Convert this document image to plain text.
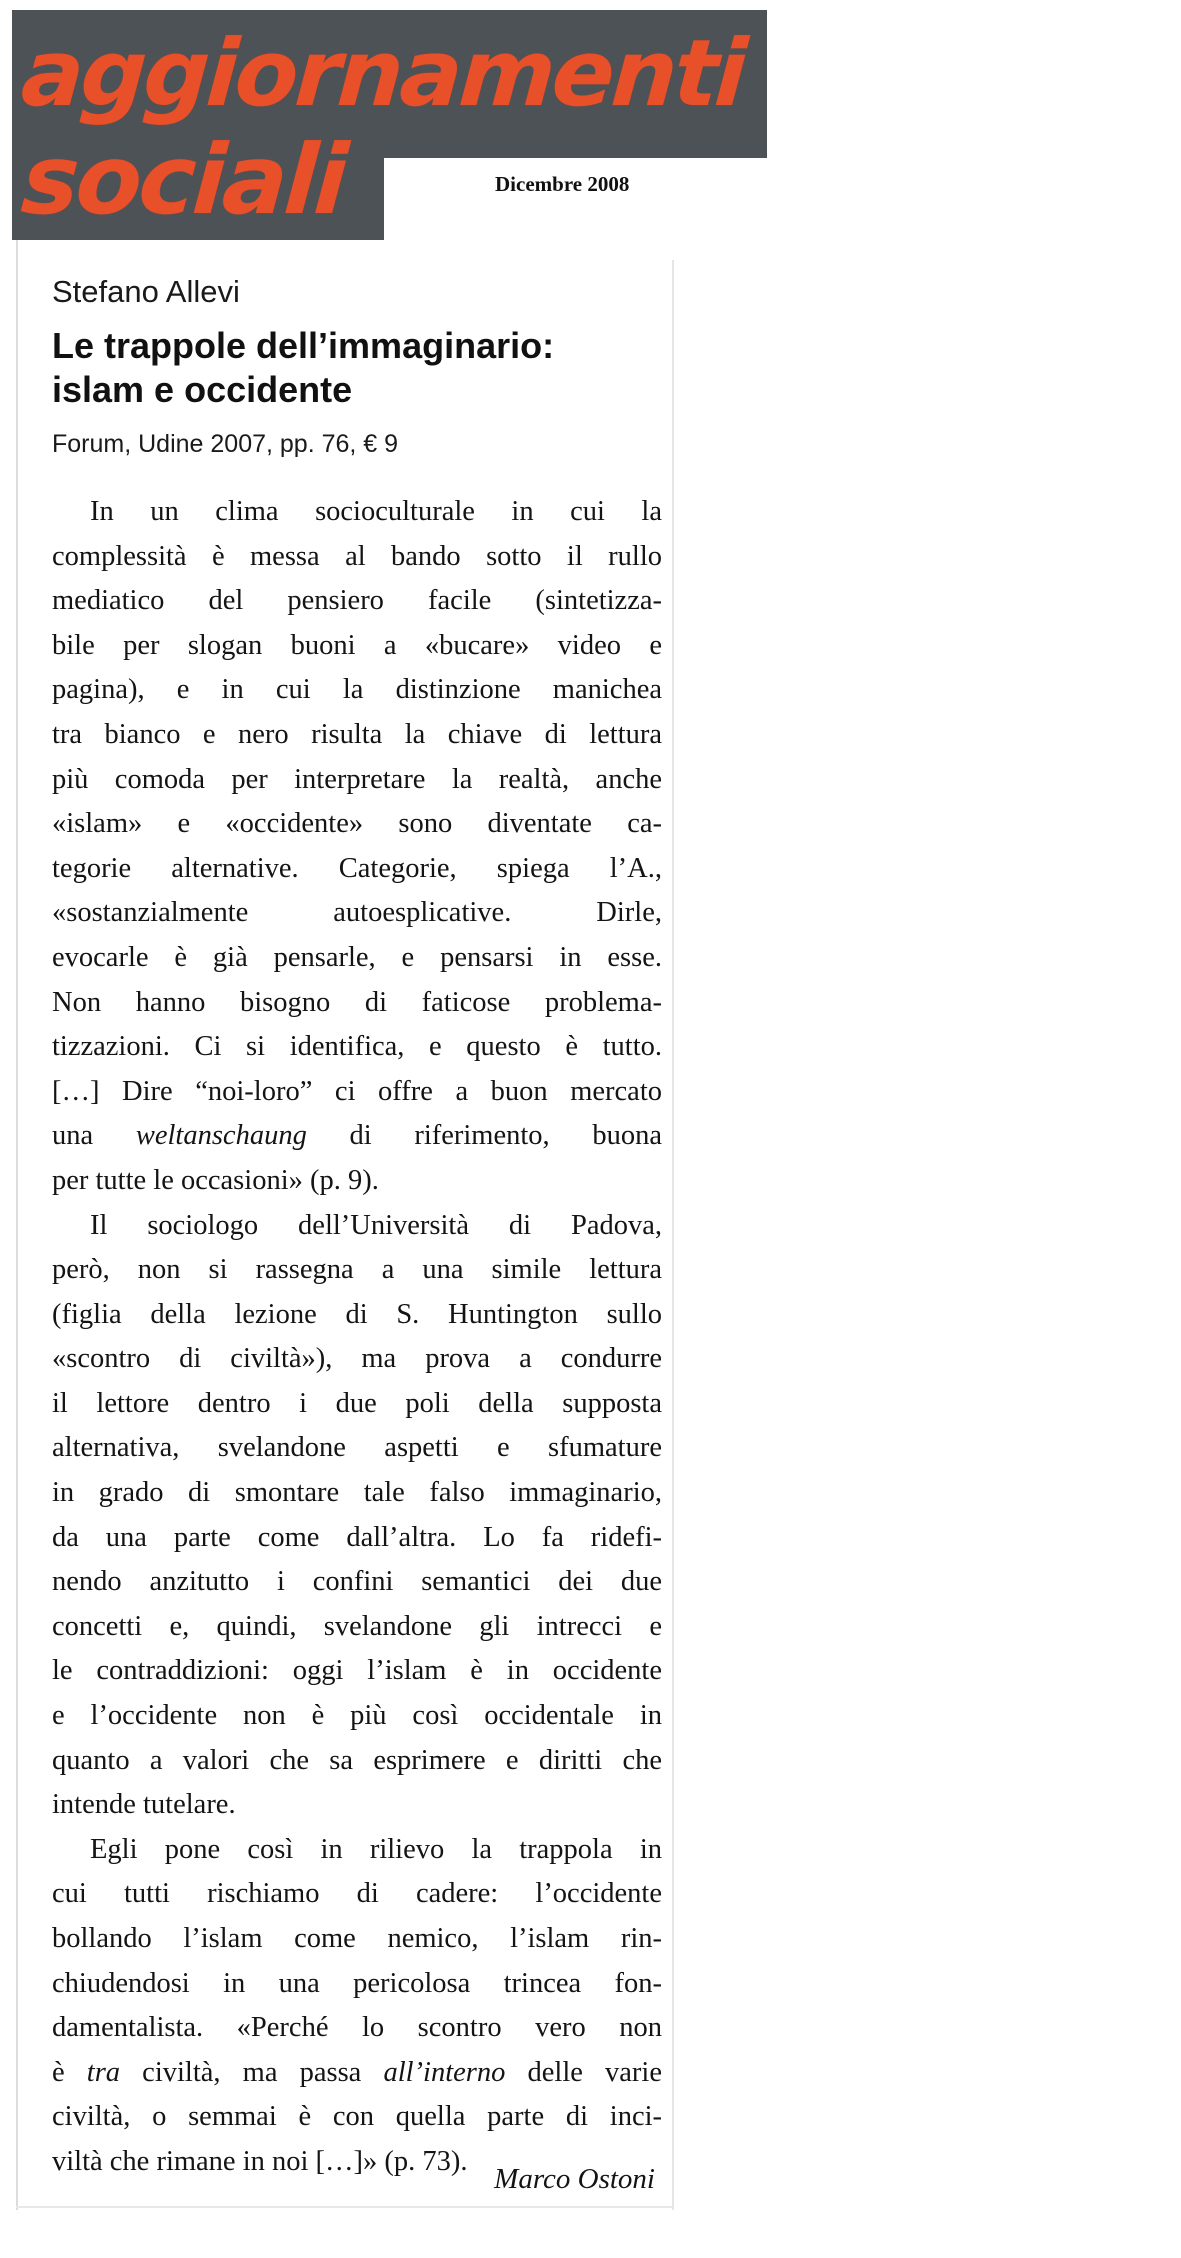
aggiornamenti
sociali	Dicembre 2008
Stefano Allevi
Le trappole dell’immaginario:
islam e occidente
Forum, Udine 2007, pp. 76, € 9
In un clima socioculturale in cui la
complessità è messa al bando sotto il rullo
mediatico del pensiero facile (sintetizza-
bile per slogan buoni a «bucare» video e
pagina), e in cui la distinzione manichea
tra bianco e nero risulta la chiave di lettura
più comoda per interpretare la realtà, anche
«islam» e «occidente» sono diventate ca-
tegorie alternative. Categorie, spiega l’A.,
«sostanzialmente autoesplicative. Dirle,
evocarle è già pensarle, e pensarsi in esse.
Non hanno bisogno di faticose problema-
tizzazioni. Ci si identifica, e questo è tutto.
[…] Dire “noi-loro” ci offre a buon mercato
una weltanschaung di riferimento, buona
per tutte le occasioni» (p. 9).
Il sociologo dell’Università di Padova,
però, non si rassegna a una simile lettura
(figlia della lezione di S. Huntington sullo
«scontro di civiltà»), ma prova a condurre
il lettore dentro i due poli della supposta
alternativa, svelandone aspetti e sfumature
in grado di smontare tale falso immaginario,
da una parte come dall’altra. Lo fa ridefi-
nendo anzitutto i confini semantici dei due
concetti e, quindi, svelandone gli intrecci e
le contraddizioni: oggi l’islam è in occidente
e l’occidente non è più così occidentale in
quanto a valori che sa esprimere e diritti che
intende tutelare.
Egli pone così in rilievo la trappola in
cui tutti rischiamo di cadere: l’occidente
bollando l’islam come nemico, l’islam rin-
chiudendosi in una pericolosa trincea fon-
damentalista. «Perché lo scontro vero non
è tra civiltà, ma passa all’interno delle varie
civiltà, o semmai è con quella parte di inci-
viltà che rimane in noi […]» (p. 73).
Marco Ostoni
